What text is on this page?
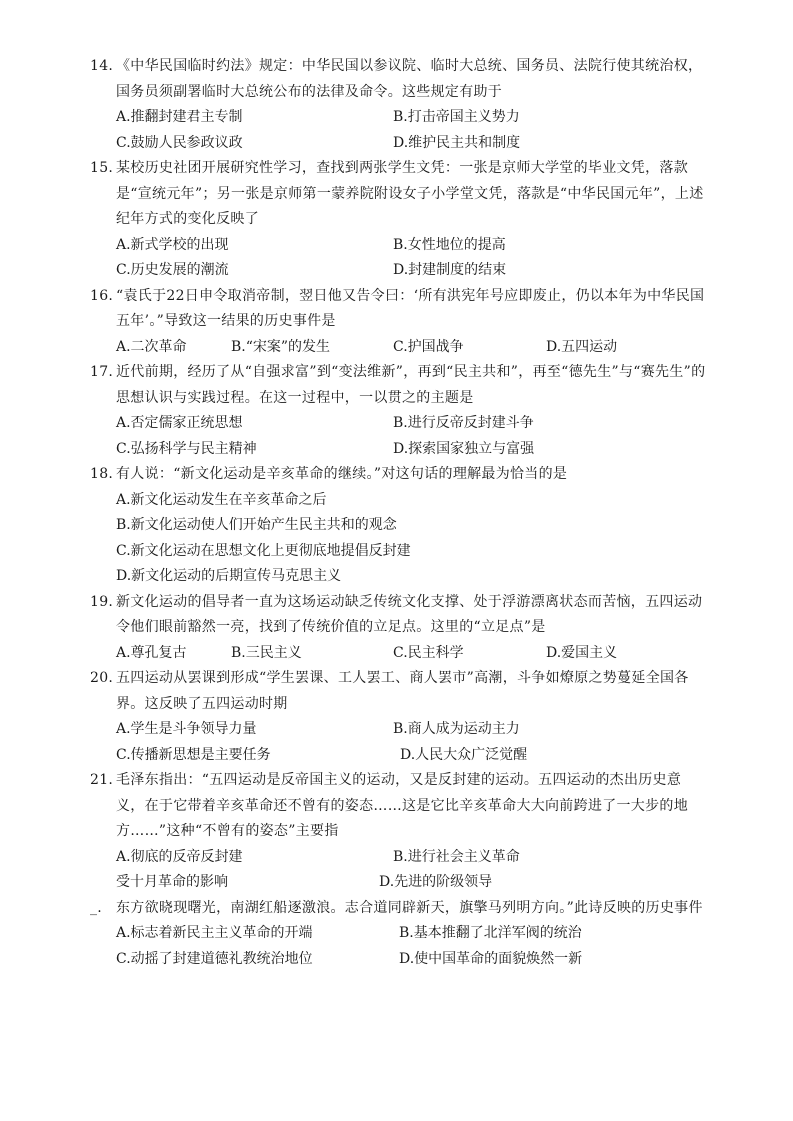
14. 《中华民国临时约法》规定：中华民国以参议院、临时大总统、国务员、法院行使其统治权，国务员须副署临时大总统公布的法律及命令。这些规定有助于
A.推翻封建君主专制	B.打击帝国主义势力
C.鼓励人民参政议政	D.维护民主共和制度
15. 某校历史社团开展研究性学习，查找到两张学生文凭：一张是京师大学堂的毕业文凭，落款是“宣统元年”；另一张是京师第一蒙养院附设女子小学堂文凭，落款是“中华民国元年”，上述纪年方式的变化反映了
A.新式学校的出现	B.女性地位的提高
C.历史发展的潮流	D.封建制度的结束
16. “袁氏于22日申令取消帝制，翌日他又告令曰：‘所有洪宪年号应即废止，仍以本年为中华民国五年’。”导致这一结果的历史事件是
A.二次革命	B.“宋案”的发生	C.护国战争	D.五四运动
17. 近代前期，经历了从“自强求富”到“变法维新”，再到“民主共和”，再至“德先生”与“赛先生”的思想认识与实践过程。在这一过程中，一以贯之的主题是
A.否定儒家正统思想	B.进行反帝反封建斗争
C.弘扬科学与民主精神	D.探索国家独立与富强
18. 有人说：“新文化运动是辛亥革命的继续。”对这句话的理解最为恰当的是
A.新文化运动发生在辛亥革命之后
B.新文化运动使人们开始产生民主共和的观念
C.新文化运动在思想文化上更彻底地提倡反封建
D.新文化运动的后期宣传马克思主义
19. 新文化运动的倡导者一直为这场运动缺乏传统文化支撑、处于浮游漂离状态而苦恼，五四运动令他们眼前豁然一亮，找到了传统价值的立足点。这里的“立足点”是
A.尊孔复古	B.三民主义	C.民主科学	D.爱国主义
20. 五四运动从罢课到形成“学生罢课、工人罢工、商人罢市”高潮，斗争如燎原之势蔓延全国各界。这反映了五四运动时期
A.学生是斗争领导力量	B.商人成为运动主力
C.传播新思想是主要任务	D.人民大众广泛觉醒
21. 毛泽东指出：“五四运动是反帝国主义的运动，又是反封建的运动。五四运动的杰出历史意义，在于它带着辛亥革命还不曾有的姿态……这是它比辛亥革命大大向前跨进了一大步的地方……”这种“不曾有的姿态”主要指
A.彻底的反帝反封建	B.进行社会主义革命
受十月革命的影响	D.先进的阶级领导
_. 东方欲晓现曙光，南湖红船逐激浪。志合道同辟新天，旗擎马列明方向。”此诗反映的历史事件
A.标志着新民主主义革命的开端	B.基本推翻了北洋军阀的统治
C.动摇了封建道德礼教统治地位	D.使中国革命的面貌焕然一新
